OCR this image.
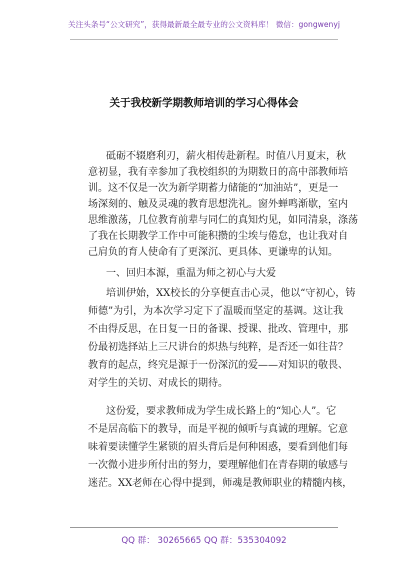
关注头条号“公文研究”，获得最新最全最专业的公文资料库！ 微信：gongwenyj
关于我校新学期教师培训的学习心得体会
砥砺不辍磨利刃，薪火相传赴新程。时值八月夏末，秋
意初显，我有幸参加了我校组织的为期数日的高中部教师培
训。这不仅是一次为新学期蓄力储能的“加油站”，更是一
场深刻的、触及灵魂的教育思想洗礼。窗外蝉鸣渐歇，室内
思维激荡，几位教育前辈与同仁的真知灼见，如同清泉，涤荡
了我在长期教学工作中可能积攒的尘埃与倦怠，也让我对自
己肩负的育人使命有了更深沉、更具体、更谦卑的认知。
一、回归本源，重温为师之初心与大爱
培训伊始，XX校长的分享便直击心灵，他以“守初心，铸
师德”为引，为本次学习定下了温暖而坚定的基调。这让我
不由得反思，在日复一日的备课、授课、批改、管理中，那
份最初选择站上三尺讲台的炽热与纯粹，是否还一如往昔？
教育的起点，终究是源于一份深沉的爱——对知识的敬畏、
对学生的关切、对成长的期待。
这份爱，要求教师成为学生成长路上的“知心人”。它
不是居高临下的教导，而是平视的倾听与真诚的理解。它意
味着要读懂学生紧锁的眉头背后是何种困惑，要看到他们每
一次微小进步所付出的努力，要理解他们在青春期的敏感与
迷茫。XX老师在心得中提到，师魂是教师职业的精髓内核，
QQ 群： 30265665 QQ 群：535304092
